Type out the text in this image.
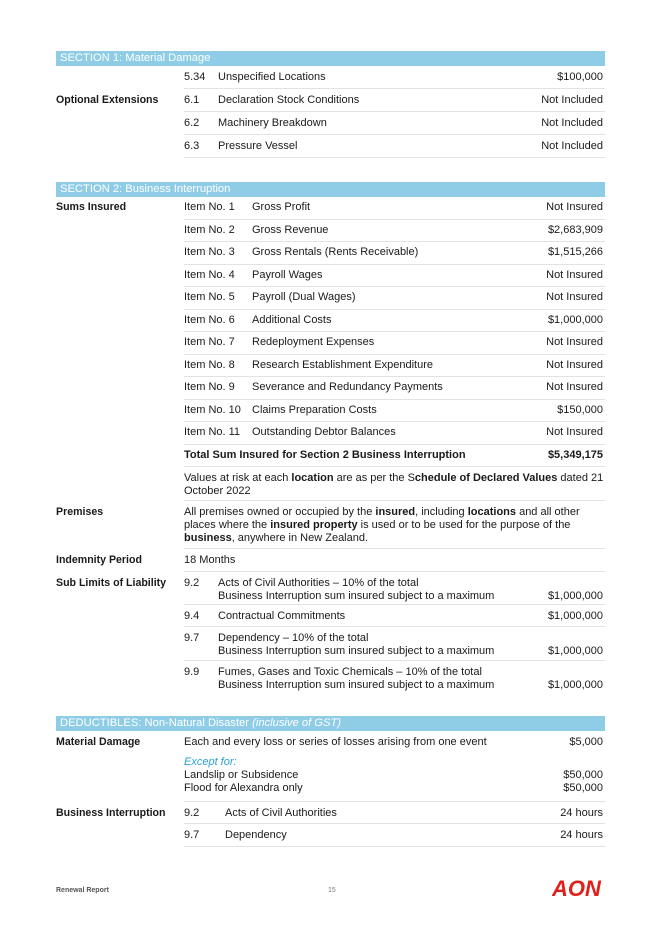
SECTION 1: Material Damage
5.34	Unspecified Locations	$100,000
Optional Extensions	6.1	Declaration Stock Conditions	Not Included
6.2	Machinery Breakdown	Not Included
6.3	Pressure Vessel	Not Included
SECTION 2: Business Interruption
Sums Insured	Item No. 1	Gross Profit	Not Insured
Item No. 2	Gross Revenue	$2,683,909
Item No. 3	Gross Rentals (Rents Receivable)	$1,515,266
Item No. 4	Payroll Wages	Not Insured
Item No. 5	Payroll (Dual Wages)	Not Insured
Item No. 6	Additional Costs	$1,000,000
Item No. 7	Redeployment Expenses	Not Insured
Item No. 8	Research Establishment Expenditure	Not Insured
Item No. 9	Severance and Redundancy Payments	Not Insured
Item No. 10	Claims Preparation Costs	$150,000
Item No. 11	Outstanding Debtor Balances	Not Insured
Total Sum Insured for Section 2 Business Interruption	$5,349,175
Values at risk at each location are as per the Schedule of Declared Values dated 21 October 2022
Premises	All premises owned or occupied by the insured, including locations and all other places where the insured property is used or to be used for the purpose of the business, anywhere in New Zealand.
Indemnity Period	18 Months
Sub Limits of Liability	9.2	Acts of Civil Authorities – 10% of the total
Business Interruption sum insured subject to a maximum	$1,000,000
9.4	Contractual Commitments	$1,000,000
9.7	Dependency – 10% of the total
Business Interruption sum insured subject to a maximum	$1,000,000
9.9	Fumes, Gases and Toxic Chemicals – 10% of the total
Business Interruption sum insured subject to a maximum	$1,000,000
DEDUCTIBLES: Non-Natural Disaster (inclusive of GST)
Material Damage	Each and every loss or series of losses arising from one event	$5,000
Except for:
Landslip or Subsidence	$50,000
Flood for Alexandra only	$50,000
Business Interruption	9.2	Acts of Civil Authorities	24 hours
9.7	Dependency	24 hours
Renewal Report	15	AON
